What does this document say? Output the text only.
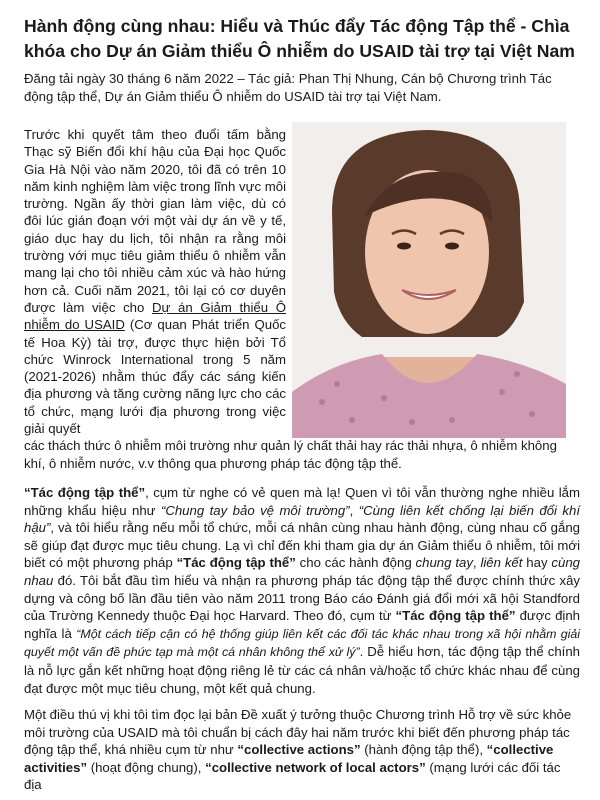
Hành động cùng nhau: Hiểu và Thúc đẩy Tác động Tập thể - Chìa khóa cho Dự án Giảm thiểu Ô nhiễm do USAID tài trợ tại Việt Nam

Đăng tải ngày 30 tháng 6 năm 2022 – Tác giả: Phan Thị Nhung, Cán bộ Chương trình Tác động tập thể, Dự án Giảm thiểu Ô nhiễm do USAID tài trợ tại Việt Nam.

Trước khi quyết tâm theo đuổi tấm bằng Thạc sỹ Biến đổi khí hậu của Đại học Quốc Gia Hà Nội vào năm 2020, tôi đã có trên 10 năm kinh nghiệm làm việc trong lĩnh vực môi trường. Ngần ấy thời gian làm việc, dù có đôi lúc gián đoạn với một vài dự án về y tế, giáo dục hay du lịch, tôi nhận ra rằng môi trường với mục tiêu giảm thiểu ô nhiễm vẫn mang lại cho tôi nhiều cảm xúc và hào hứng hơn cả. Cuối năm 2021, tôi lại có cơ duyên được làm việc cho Dự án Giảm thiểu Ô nhiễm do USAID (Cơ quan Phát triển Quốc tế Hoa Kỳ) tài trợ, được thực hiện bởi Tổ chức Winrock International trong 5 năm (2021-2026) nhằm thúc đẩy các sáng kiến địa phương và tăng cường năng lực cho các tổ chức, mạng lưới địa phương trong việc giải quyết
các thách thức ô nhiễm môi trường như quản lý chất thải hay rác thải nhựa, ô nhiễm không khí, ô nhiễm nước, v.v thông qua phương pháp tác động tập thể.

“Tác động tập thể”, cụm từ nghe có vẻ quen mà lạ! Quen vì tôi vẫn thường nghe nhiều lắm những khẩu hiệu như “Chung tay bảo vệ môi trường”, “Cùng liên kết chống lại biến đổi khí hậu”, và tôi hiểu rằng nếu mỗi tổ chức, mỗi cá nhân cùng nhau hành động, cùng nhau cố gắng sẽ giúp đạt được mục tiêu chung. Lạ vì chỉ đến khi tham gia dự án Giảm thiểu ô nhiễm, tôi mới biết có một phương pháp “Tác động tập thể” cho các hành động chung tay, liên kết hay cùng nhau đó. Tôi bắt đầu tìm hiểu và nhận ra phương pháp tác động tập thể được chính thức xây dựng và công bố lần đầu tiên vào năm 2011 trong Báo cáo Đánh giá đổi mới xã hội Standford của Trường Kennedy thuộc Đại học Harvard. Theo đó, cụm từ “Tác động tập thể” được định nghĩa là “Một cách tiếp cận có hệ thống giúp liên kết các đối tác khác nhau trong xã hội nhằm giải quyết một vấn đề phức tạp mà một cá nhân không thể xử lý”. Dễ hiểu hơn, tác động tập thể chính là nỗ lực gắn kết những hoạt động riêng lẻ từ các cá nhân và/hoặc tổ chức khác nhau để cùng đạt được một mục tiêu chung, một kết quả chung.

Một điều thú vị khi tôi tìm đọc lại bản Đề xuất ý tưởng thuộc Chương trình Hỗ trợ về sức khỏe môi trường của USAID mà tôi chuẩn bị cách đây hai năm trước khi biết đến phương pháp tác động tập thể, khá nhiều cụm từ như “collective actions” (hành động tập thể), “collective activities” (hoạt động chung), “collective network of local actors” (mạng lưới các đối tác địa
